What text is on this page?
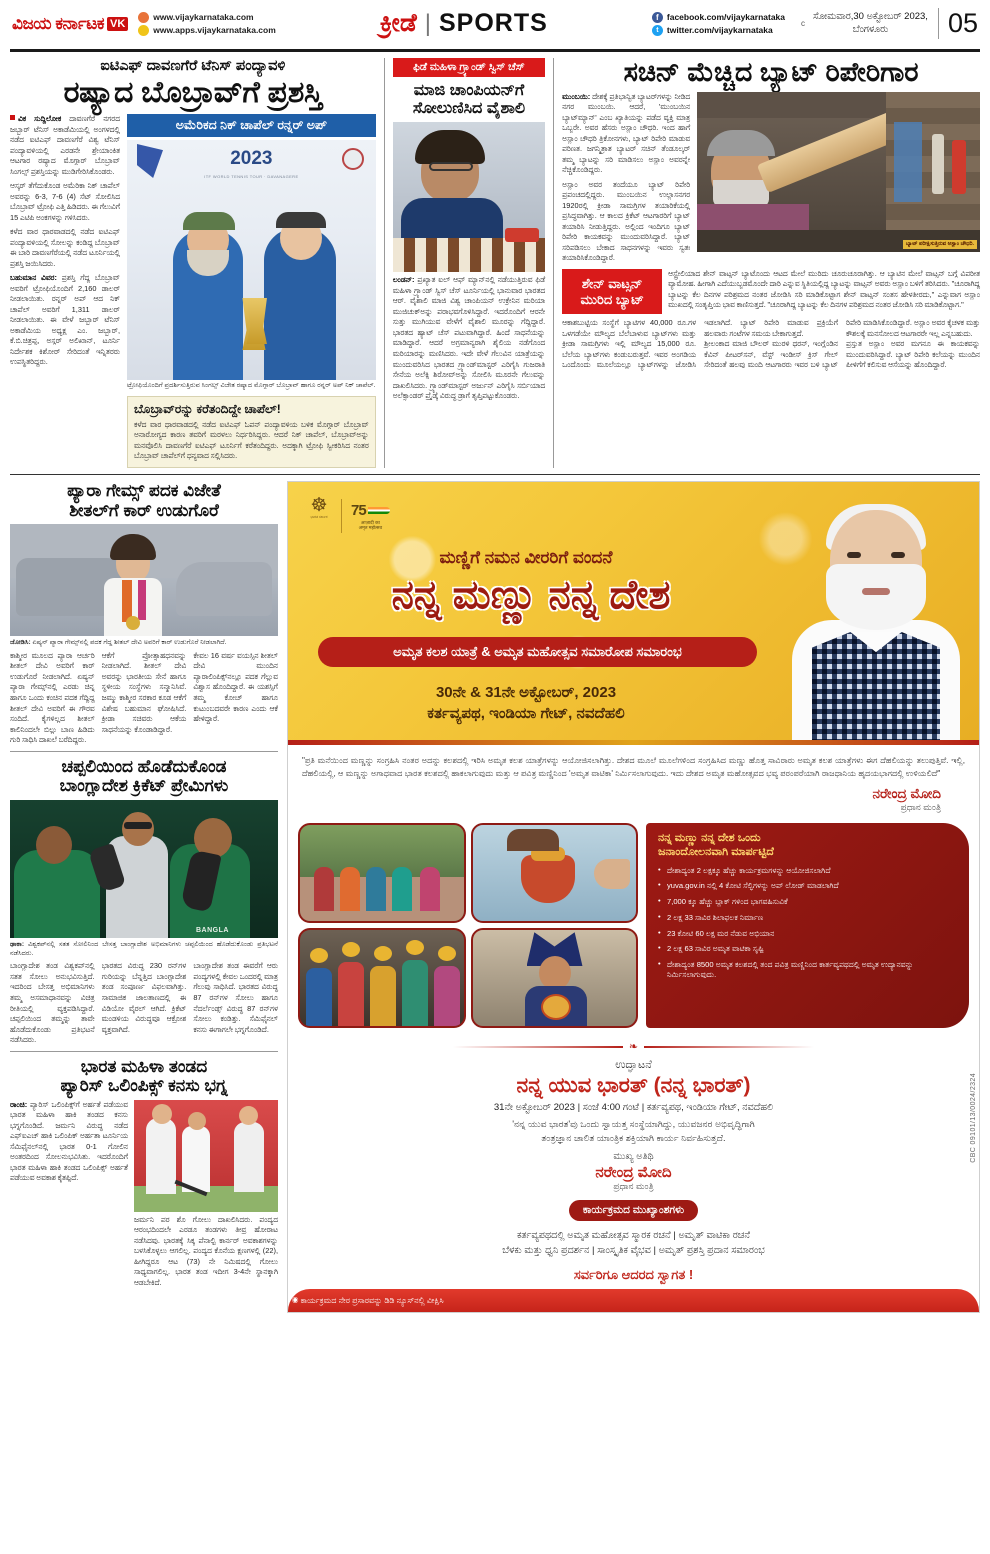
ವಿಜಯ ಕರ್ನಾಟಕ VK
www.vijaykarnataka.com
www.apps.vijaykarnataka.com	ಕ್ರೀಡೆ | SPORTS	f facebook.com/vijaykarnataka
t twitter.com/vijaykarnataka
c
ಸೋಮವಾರ,30 ಅಕ್ಟೋಬರ್ 2023,
ಬೆಂಗಳೂರು	05
ಐಟಿಎಫ್ ದಾವಣಗೆರೆ ಟೆನಿಸ್ ಪಂದ್ಯಾವಳಿ
ರಷ್ಯಾದ ಬೊಬ್ರಾವ್‌ಗೆ ಪ್ರಶಸ್ತಿ
ವಿಕ ಸುದ್ದಿಲೋಕ ದಾವಣಗೆರೆ ನಗರದ ಜಬ್ಬಾರ್ ಟೆನಿಸ್ ಅಕಾಡೆಮಿಯಲ್ಲಿ ಅಂಗಳದಲ್ಲಿ ನಡೆದ ಐಟಿಎಫ್ ದಾವಣಗೆರೆ ವಿಶ್ವ ಟೆನಿಸ್ ಪಂದ್ಯಾವಳಿಯಲ್ಲಿ ಎರಡನೇ ಶ್ರೇಯಾಂಕಿತ ಆಟಗಾರ ರಷ್ಯಾದ ಮೊಗ್ಗಾರ್ ಬೊಬ್ರಾವ್ ಸಿಂಗಲ್ಸ್ ಪ್ರಶಸ್ತಿಯನ್ನು ಮುಡಿಗೇರಿಸಿಕೊಂಡರು.
ಆಸ್ಕರ್ ತೆಗೆದುಕೊಂಡ ಅಮೆರಿಕಾ ನಿಕ್ ಚಾಪೆಲ್ ಅವರನ್ನು 6-3, 7-6 (4) ಸೆಟ್ ಸೋಲಿಸಿದ ಬೊಬ್ರಾವ್ ಟ್ರೋಫಿ ಎತ್ತಿ ಹಿಡಿದರು. ಈ ಗೆಲುವಿಗೆ 15 ಎಟಿಪಿ ಅಂಕಗಳನ್ನು ಗಳಿಸಿದರು.
ಕಳೆದ ವಾರ ಧಾರವಾಡದಲ್ಲಿ ನಡೆದ ಐಟಿಎಫ್ ಪಂದ್ಯಾವಳಿಯಲ್ಲಿ ಸೋಲನ್ನು ಕಂಡಿದ್ದ ಬೊಬ್ರಾವ್ ಈ ಬಾರಿ ದಾವಣಗೆರೆಯಲ್ಲಿ ನಡೆದ ಟೂರ್ನಿಯಲ್ಲಿ ಪ್ರಶಸ್ತಿ ಜಯಿಸಿದರು.
ಬಹುಮಾನ ವಿವರ: ಪ್ರಶಸ್ತಿ ಗೆದ್ದ ಬೊಬ್ರಾವ್ ಅವರಿಗೆ ಟ್ರೋಫಿಯೊಂದಿಗೆ 2,160 ಡಾಲರ್ ನೀಡಲಾಯಿತು. ರನ್ನರ್ ಅಪ್ ಆದ ನಿಕ್ ಚಾಪೆಲ್ ಅವರಿಗೆ 1,311 ಡಾಲರ್ ನೀಡಲಾಯಿತು. ಈ ವೇಳೆ ಜಬ್ಬಾರ್ ಟೆನಿಸ್ ಅಕಾಡೆಮಿಯ ಅಧ್ಯಕ್ಷ ಎಂ. ಜಬ್ಬಾರ್, ಕೆ.ಬಿ.ಚಿತ್ರಪ್ಪ, ಅಸ್ಗರ್ ಅಲಿಖಾನ್, ಟೂರ್ನಿ ನಿರ್ದೇಶಕ ಕಿಶೋರ್ ಸೇರಿದಂತೆ ಇನ್ನಿತರರು ಉಪಸ್ಥಿತರಿದ್ದರು.
ಅಮೆರಿಕದ ನಿಕ್ ಚಾಪೆಲ್ ರನ್ನರ್ ಅಪ್
2023
ITF WORLD TENNIS TOUR · DAVANAGERE
ಟ್ರೋಫಿಯೊಂದಿಗೆ ಪ್ರದರ್ಶಿಸುತ್ತಿರುವ ಸಿಂಗಲ್ಸ್ ವಿಜೇತ ರಷ್ಯಾದ ಮೊಗ್ಗಾರ್ ಬೊಬ್ರಾವ್ ಹಾಗೂ ರನ್ನರ್ ಅಪ್ ನಿಕ್ ಚಾಪೆಲ್.
ಬೊಬ್ರಾವ್‌ರನ್ನು ಕರೆತಂದಿದ್ದೇ ಚಾಪೆಲ್!
ಕಳೆದ ವಾರ ಧಾರವಾಡದಲ್ಲಿ ನಡೆದ ಐಟಿಎಫ್ ಓಪನ್ ಪಂದ್ಯಾವಳಿಯ ಬಳಿಕ ಮೊಗ್ಗಾರ್ ಬೊಬ್ರಾವ್ ಅನಾರೋಗ್ಯದ ಕಾರಣ ತವರಿಗೆ ಮರಳಲು ನಿರ್ಧರಿಸಿದ್ದರು. ಆದರೆ ನಿಕ್ ಚಾಪೆಲ್, ಬೊಬ್ರಾವ್‌ಅನ್ನು ಮನವೊಲಿಸಿ ದಾವಣಗೆರೆ ಐಟಿಎಫ್ ಟೂರ್ನಿಗೆ ಕರೆತಂದಿದ್ದರು. ಅದಕ್ಕಾಗಿ ಟ್ರೋಫಿ ಸ್ವೀಕರಿಸಿದ ನಂತರ ಬೊಬ್ರಾವ್ ಚಾಪೆಲ್‌ಗೆ ಧನ್ಯವಾದ ಸಲ್ಲಿಸಿದರು.
ಫಿಡೆ ಮಹಿಳಾ ಗ್ರ್ಯಾಂಡ್ ಸ್ವಿಸ್ ಚೆಸ್
ಮಾಜಿ ಚಾಂಪಿಯನ್‌ಗೆ ಸೋಲುಣಿಸಿದ ವೈಶಾಲಿ
ಲಂಡನ್: ಪ್ರಖ್ಯಾತ ಐಲ್ ಆಫ್ ಮ್ಯಾನ್‌ನಲ್ಲಿ ನಡೆಯುತ್ತಿರುವ ಫಿಡೆ ಮಹಿಳಾ ಗ್ರ್ಯಾಂಡ್ ಸ್ವಿಸ್ ಚೆಸ್ ಟೂರ್ನಿಯಲ್ಲಿ ಭಾನುವಾರ ಭಾರತದ ಆರ್. ವೈಶಾಲಿ ಮಾಜಿ ವಿಶ್ವ ಚಾಂಪಿಯನ್ ಉಕ್ರೇನಿನ ಮರಿಯಾ ಮುಜಿಚುಕ್‌ಅನ್ನು ಪರಾಭವಗೊಳಿಸಿದ್ದಾರೆ. ಇದರೊಂದಿಗೆ ಆರನೇ ಸುತ್ತು ಮುಗಿಯುವ ವೇಳೆಗೆ ವೈಶಾಲಿ ಮೂರನ್ನು ಗೆದ್ದಿದ್ದಾರೆ. ಭಾರತದ ಹ್ಯಾಟ್ ಚೆಸ್ ಪಟುವಾಗಿದ್ದಾರೆ. ಹಿಂದೆ ಸಾಧನೆಯನ್ನು ಮಾಡಿದ್ದಾರೆ. ಆದರೆ ಅಗ್ರಮಾನ್ಯರಾಗಿ ಶೈಲಿಯ ನಡೆಗೊಂದ ಮರಿಯಾರನ್ನು ಮಣಿಸಿದರು. ಇದೇ ವೇಳೆ ಗೆಲುವಿನ ಯಾತ್ರೆಯನ್ನು ಮುಂದುವರಿಸಿದ ಭಾರತದ ಗ್ರ್ಯಾಂಡ್‌ಮಾಸ್ಟರ್ ಎರಿಗೈಸಿ ಗುಜರಾತಿ ಸೇನೆಯ ಅಲೆಕ್ಸಿ ಶಿರೋವ್‌ಅನ್ನು ಸೋಲಿಸಿ ಮೂರನೇ ಗೆಲುವನ್ನು ದಾಖಲಿಸಿದರು. ಗ್ರ್ಯಾಂಡ್‌ಮಾಸ್ಟರ್ ಅರ್ಜುನ್ ಎರಿಗೈಸಿ ಸರ್ಬಿಯಾದ ಅಲೆಕ್ಸಾಂಡರ್ ಪ್ರೈಡ್ಕೆ ವಿರುದ್ಧ ಡ್ರಾಗೆ ತೃಪ್ತಿಪಟ್ಟುಕೊಂಡರು.
ಸಚಿನ್ ಮೆಚ್ಚಿದ ಬ್ಯಾಟ್ ರಿಪೇರಿಗಾರ
ಮುಂಬಯಿ: ದೇಶಕ್ಕೆ ಪ್ರತಿಭಾನ್ವಿತ ಬ್ಯಾಟರ್‌ಗಳನ್ನು ನೀಡಿದ ನಗರ ಮುಂಬಯಿ. ಆದರೆ, 'ಮುಂಬಯಿನ ಬ್ಯಾಟ್‌ಮ್ಯಾನ್' ಎಂಬ ಖ್ಯಾತಿಯನ್ನು ಪಡೆದ ವ್ಯಕ್ತಿ ಮಾತ್ರ ಒಬ್ಬರೇ. ಅವರ ಹೆಸರು ಅಸ್ಲಾಂ ಚೌಧರಿ. ಇಂದ ಹಾಗೆ ಅಸ್ಲಾಂ ಚೌಧರಿ ತ್ರಿಕೋನಗಳು, ಬ್ಯಾಟ್ ರಿಪೇರಿ ಮಾಡುವ ಪರಿಣತ. ಜಗನ್ಮಿತ್ರಾತ ಬ್ಯಾಟರ್ ಸಚಿನ್ ತೆಂಡೂಲ್ಕರ್ ತಮ್ಮ ಬ್ಯಾಟನ್ನು ಸರಿ ಮಾಡಿಸಲು ಅಸ್ಲಾಂ ಅವರನ್ನೇ ನೆಚ್ಚಿಕೊಂಡಿದ್ದರು.
ಅಸ್ಲಾಂ ಅವರ ತಂದೆಯೂ ಬ್ಯಾಟ್ ರಿಪೇರಿ ಪ್ರಪಂಚದಲ್ಲಿದ್ದರು. ಮುಂಬಯಿನ ಉಲ್ಲಾಸನಗರ 1920ರಲ್ಲಿ ಕ್ರೀಡಾ ಸಾಮಗ್ರಿಗಳ ತಯಾರಿಕೆಯಲ್ಲಿ ಪ್ರಸಿದ್ಧವಾಗಿತ್ತು. ಆ ಕಾಲದ ಕ್ರಿಕೆಟ್ ಆಟಗಾರರಿಗೆ ಬ್ಯಾಟ್ ತಯಾರಿಸಿ ನೀಡುತ್ತಿದ್ದರು. ಅಲ್ಲಿಂದ ಇಂದಿಗೂ ಬ್ಯಾಟ್ ರಿಪೇರಿ ಕಾಯಕವನ್ನು ಮುಂದುವರಿಸಿದ್ದಾರೆ. ಬ್ಯಾಟ್ ಸರಿಪಡಿಸಲು ಬೇಕಾದ ಸಾಧನಗಳನ್ನು ಇವರು ಸ್ವತಃ ತಯಾರಿಸಿಕೊಂಡಿದ್ದಾರೆ.
ಬ್ಯಾಟ್ ಪರೀಕ್ಷಿಸುತ್ತಿರುವ ಅಸ್ಲಾಂ ಚೌಧರಿ.
ಶೇನ್ ವಾಟ್ಸನ್ ಮುರಿದ ಬ್ಯಾಟ್
ಆಸ್ಟ್ರೇಲಿಯಾದ ಶೇನ್ ವಾಟ್ಸನ್ ಬ್ಯಾಟೊಂದು ಆಟದ ಮೇಲೆ ಮುರಿದು ಚೂರುಚೂರಾಗಿತ್ತು. ಆ ಬ್ಯಾಟಿನ ಮೇಲೆ ವಾಟ್ಸನ್ ಬಗ್ಗೆ ವಿಪರೀತ ವ್ಯಾಮೋಹ. ಹೀಗಾಗಿ ಎದೆಯುಬ್ಬಡಮೊಂದೇ ದಾರಿ ಎನ್ನುವ ಸ್ಥಿತಿಯಲ್ಲಿದ್ದ ಬ್ಯಾಟನ್ನು ವಾಟ್ಸನ್ ಅವರು ಅಸ್ಲಾಂ ಬಳಿಗೆ ತರಿಸಿದರು. "ಚೂರಾಗಿದ್ದ ಬ್ಯಾಟನ್ನು ಕೆಲ ದಿನಗಳ ಪರಿಶ್ರಮದ ನಂತರ ಜೋಡಿಸಿ ಸರಿ ಮಾಡಿಕೊಟ್ಟಾಗ ಶೇನ್ ವಾಟ್ಸನ್ ಸಂತಸ ಹೇಳತೀರದು," ಎನ್ನುವಾಗ ಅಸ್ಲಾಂ ಮುಖದಲ್ಲಿ ಸಂತೃಪ್ತಿಯ ಭಾವ ಕಾಣಿಸುತ್ತದೆ. "ಚೂರಾಗಿದ್ದ ಬ್ಯಾಟನ್ನು ಕೆಲ ದಿನಗಳ ಪರಿಶ್ರಮದ ನಂತರ ಜೋಡಿಸಿ ಸರಿ ಮಾಡಿಕೊಟ್ಟಾಗ."
ಆಕಾಶಬುಟ್ಟಿಯ ಸಂಸ್ಥೆಗೆ ಬ್ಯಾಟಿಗಳ 40,000 ರೂ.ಗಳ ಒಳಗಡೆಯೇ ಮೌಲ್ಯದ ಬೆಲೆಬಾಳುವ ಬ್ಯಾಟ್‌ಗಳು ಮತ್ತು ಕ್ರೀಡಾ ಸಾಮಗ್ರಿಗಳು ಇಲ್ಲಿ ಮೌಲ್ಯದ 15,000 ರೂ. ಬೆಲೆಯ ಬ್ಯಾಟ್‌ಗಳು ಕಂಡುಬರುತ್ತವೆ. ಇವರ ಅಂಗಡಿಯ ಒಂದೊಂದು ಮೂಲೆಯಲ್ಲೂ ಬ್ಯಾಟ್‌ಗಳನ್ನು ಜೋಡಿಸಿ ಇಡಲಾಗಿದೆ. ಬ್ಯಾಟ್ ರಿಪೇರಿ ಮಾಡುವ ಪ್ರಕ್ರಿಯೆಗೆ ಹಲವಾರು ಗಂಟೆಗಳ ಸಮಯ ಬೇಕಾಗುತ್ತದೆ.
ಶ್ರೀಲಂಕಾದ ಮಾಜಿ ಬೌಲರ್ ಮುರಳಿ ಧರನ್, ಇಂಗ್ಲೆಂಡಿನ ಕೆವಿನ್ ಪೀಟರ್‌ಸನ್, ವೆಸ್ಟ್ ಇಂಡೀಸ್ ಕ್ರಿಸ್ ಗೇಲ್ ಸೇರಿದಂತೆ ಹಲವು ಮಂದಿ ಆಟಗಾರರು ಇವರ ಬಳಿ ಬ್ಯಾಟ್ ರಿಪೇರಿ ಮಾಡಿಸಿಕೊಂಡಿದ್ದಾರೆ. ಅಸ್ಲಾಂ ಅವರ ಕೈಚಳಕ ಮತ್ತು ಕೌಶಲಕ್ಕೆ ಮನಸೋಲದ ಆಟಗಾರರೇ ಇಲ್ಲ ಎನ್ನಬಹುದು.
ಪ್ರಸ್ತುತ ಅಸ್ಲಾಂ ಅವರ ಮಗನೂ ಈ ಕಾಯಕವನ್ನು ಮುಂದುವರಿಸಿದ್ದಾರೆ. ಬ್ಯಾಟ್ ರಿಪೇರಿ ಕಲೆಯನ್ನು ಮುಂದಿನ ಪೀಳಿಗೆಗೆ ಕಲಿಸುವ ಆಸೆಯನ್ನು ಹೊಂದಿದ್ದಾರೆ.
ಪ್ಯಾರಾ ಗೇಮ್ಸ್ ಪದಕ ವಿಜೇತೆ
ಶೀತಲ್‌ಗೆ ಕಾರ್ ಉಡುಗೊರೆ
ಜೋಡಿಸಿ: ಏಷ್ಯನ್ ಪ್ಯಾರಾ ಗೇಮ್ಸ್‌ನಲ್ಲಿ ಪದಕ ಗೆದ್ದ ಶೀತಲ್ ದೇವಿ ಅವರಿಗೆ ಕಾರ್ ಉಡುಗೊರೆ ನೀಡಲಾಗಿದೆ.
ಕಾಶ್ಮೀರ ಮೂಲದ ಪ್ಯಾರಾ ಆರ್ಚರಿ ಶೀತಲ್ ದೇವಿ ಅವರಿಗೆ ಕಾರ್ ಉಡುಗೊರೆ ನೀಡಲಾಗಿದೆ. ಏಷ್ಯನ್ ಪ್ಯಾರಾ ಗೇಮ್ಸ್‌ನಲ್ಲಿ ಎರಡು ಚಿನ್ನ ಹಾಗೂ ಒಂದು ಕಂಚಿನ ಪದಕ ಗೆದ್ದಿದ್ದ ಶೀತಲ್ ದೇವಿ ಅವರಿಗೆ ಈ ಗೌರವ ಸಂದಿದೆ. ಕೈಗಳಿಲ್ಲದ ಶೀತಲ್ ಕಾಲಿನಿಂದಲೇ ಬಿಲ್ಲು ಬಾಣ ಹಿಡಿದು ಗುರಿ ಸಾಧಿಸಿ ದಾಖಲೆ ಬರೆದಿದ್ದರು.
ಆಕೆಗೆ ಪ್ರೋತ್ಸಾಹಧನವನ್ನು ನೀಡಲಾಗಿದೆ. ಶೀತಲ್ ದೇವಿ ಅವರನ್ನು ಭಾರತೀಯ ಸೇನೆ ಹಾಗೂ ಸ್ಥಳೀಯ ಸಂಸ್ಥೆಗಳು ಸನ್ಮಾನಿಸಿವೆ. ಜಮ್ಮು ಕಾಶ್ಮೀರ ಸರಕಾರ ಕೂಡ ಆಕೆಗೆ ವಿಶೇಷ ಬಹುಮಾನ ಘೋಷಿಸಿದೆ. ಕ್ರೀಡಾ ಸಚಿವರು ಆಕೆಯ ಸಾಧನೆಯನ್ನು ಕೊಂಡಾಡಿದ್ದಾರೆ.
ಕೇವಲ 16 ವರ್ಷ ವಯಸ್ಸಿನ ಶೀತಲ್ ದೇವಿ ಮುಂದಿನ ಪ್ಯಾರಾಲಿಂಪಿಕ್ಸ್‌ನಲ್ಲೂ ಪದಕ ಗೆಲ್ಲುವ ವಿಶ್ವಾಸ ಹೊಂದಿದ್ದಾರೆ. ಈ ಯಶಸ್ಸಿಗೆ ತಮ್ಮ ಕೋಚ್ ಹಾಗೂ ಕುಟುಂಬದವರೇ ಕಾರಣ ಎಂದು ಆಕೆ ಹೇಳಿದ್ದಾರೆ.
ಚಪ್ಪಲಿಯಿಂದ ಹೊಡೆದುಕೊಂಡ
ಬಾಂಗ್ಲಾದೇಶ ಕ್ರಿಕೆಟ್ ಪ್ರೇಮಿಗಳು
BANGLA
ಢಾಕಾ: ವಿಶ್ವಕಪ್‌ನಲ್ಲಿ ಸತತ ಸೋಲಿನಿಂದ ಬೇಸತ್ತ ಬಾಂಗ್ಲಾದೇಶ ಅಭಿಮಾನಿಗಳು ಚಪ್ಪಲಿಯಿಂದ ಹೊಡೆದುಕೊಂಡು ಪ್ರತಿಭಟನೆ ನಡೆಸಿದರು.
ಬಾಂಗ್ಲಾದೇಶ ತಂಡ ವಿಶ್ವಕಪ್‌ನಲ್ಲಿ ಸತತ ಸೋಲು ಅನುಭವಿಸುತ್ತಿದೆ. ಇದರಿಂದ ಬೇಸತ್ತ ಅಭಿಮಾನಿಗಳು ತಮ್ಮ ಅಸಮಾಧಾನವನ್ನು ವಿಚಿತ್ರ ರೀತಿಯಲ್ಲಿ ವ್ಯಕ್ತಪಡಿಸಿದ್ದಾರೆ. ಚಪ್ಪಲಿಯಿಂದ ತಮ್ಮನ್ನು ತಾವೇ ಹೊಡೆದುಕೊಂಡು ಪ್ರತಿಭಟನೆ ನಡೆಸಿದರು.
ಭಾರತದ ವಿರುದ್ಧ 230 ರನ್‌ಗಳ ಗುರಿಯನ್ನು ಬೆನ್ನತ್ತಿದ ಬಾಂಗ್ಲಾದೇಶ ತಂಡ ಸಂಪೂರ್ಣ ವಿಫಲವಾಗಿತ್ತು. ಸಾಮಾಜಿಕ ಜಾಲತಾಣದಲ್ಲಿ ಈ ವಿಡಿಯೋ ವೈರಲ್ ಆಗಿದೆ. ಕ್ರಿಕೆಟ್ ಮಂಡಳಿಯ ವಿರುದ್ಧವೂ ಆಕ್ರೋಶ ವ್ಯಕ್ತವಾಗಿದೆ.
ಬಾಂಗ್ಲಾದೇಶ ತಂಡ ಈವರೆಗೆ ಆರು ಪಂದ್ಯಗಳಲ್ಲಿ ಕೇವಲ ಒಂದರಲ್ಲಿ ಮಾತ್ರ ಗೆಲುವು ಸಾಧಿಸಿದೆ. ಭಾರತದ ವಿರುದ್ಧ 87 ರನ್‌ಗಳ ಸೋಲು ಹಾಗೂ ನೆದರ್ಲೆಂಡ್ಸ್ ವಿರುದ್ಧ 87 ರನ್‌ಗಳ ಸೋಲು ಕಂಡಿತ್ತು. ಸೆಮಿಫೈನಲ್ ಕನಸು ಈಗಾಗಲೇ ಭಗ್ನಗೊಂಡಿದೆ.
ಭಾರತ ಮಹಿಳಾ ತಂಡದ
ಪ್ಯಾರಿಸ್ ಒಲಿಂಪಿಕ್ಸ್ ಕನಸು ಭಗ್ನ
ರಾಂಚಿ: ಪ್ಯಾರಿಸ್ ಒಲಿಂಪಿಕ್ಸ್‌ಗೆ ಅರ್ಹತೆ ಪಡೆಯುವ ಭಾರತ ಮಹಿಳಾ ಹಾಕಿ ತಂಡದ ಕನಸು ಭಗ್ನಗೊಂಡಿದೆ. ಜರ್ಮನಿ ವಿರುದ್ಧ ನಡೆದ ಎಫ್‌ಐಎಚ್ ಹಾಕಿ ಒಲಿಂಪಿಕ್ ಅರ್ಹತಾ ಟೂರ್ನಿಯ ಸೆಮಿಫೈನಲ್‌ನಲ್ಲಿ ಭಾರತ 0-1 ಗೋಲಿನ ಅಂತರದಿಂದ ಸೋಲನುಭವಿಸಿತು. ಇದರೊಂದಿಗೆ ಭಾರತ ಮಹಿಳಾ ಹಾಕಿ ತಂಡದ ಒಲಿಂಪಿಕ್ಸ್ ಅರ್ಹತೆ ಪಡೆಯುವ ಅವಕಾಶ ಕೈತಪ್ಪಿದೆ.
ಜರ್ಮನಿ ಪರ ಶೊ ಗೋಲು ದಾಖಲಿಸಿದರು. ಪಂದ್ಯದ ಆರಂಭದಿಂದಲೇ ಎರಡೂ ತಂಡಗಳು ತೀವ್ರ ಹೋರಾಟ ನಡೆಸಿದವು. ಭಾರತಕ್ಕೆ ಸಿಕ್ಕ ಪೆನಾಲ್ಟಿ ಕಾರ್ನರ್ ಅವಕಾಶಗಳನ್ನು ಬಳಸಿಕೊಳ್ಳಲು ಆಗಲಿಲ್ಲ. ಪಂದ್ಯದ ಕೊನೆಯ ಕ್ಷಣಗಳಲ್ಲಿ (22), ಹೀಗಿದ್ದರೂ ಆಟ (73) ನೇ ನಿಮಿಷದಲ್ಲಿ ಗೋಲು ಸಾಧ್ಯವಾಗಲಿಲ್ಲ. ಭಾರತ ತಂಡ ಇದೀಗ 3-4ನೇ ಸ್ಥಾನಕ್ಕಾಗಿ ಆಡಬೇಕಿದೆ.
☸
ಭಾರತ ಸರ್ಕಾರ 75
आज़ादी का
अमृत महोत्सव
ಮಣ್ಣಿಗೆ ನಮನ ವೀರರಿಗೆ ವಂದನೆ
ನನ್ನ ಮಣ್ಣು ನನ್ನ ದೇಶ
ಅಮೃತ ಕಲಶ ಯಾತ್ರೆ & ಅಮೃತ ಮಹೋತ್ಸವ ಸಮಾರೋಪ ಸಮಾರಂಭ
30ನೇ & 31ನೇ ಅಕ್ಟೋಬರ್, 2023
ಕರ್ತವ್ಯಪಥ, ಇಂಡಿಯಾ ಗೇಟ್, ನವದೆಹಲಿ

"ಪ್ರತಿ ಮನೆಯಿಂದ ಮಣ್ಣನ್ನು ಸಂಗ್ರಹಿಸಿ ನಂತರ ಅದನ್ನು ಕಲಶದಲ್ಲಿ ಇರಿಸಿ ಅಮೃತ ಕಲಶ ಯಾತ್ರೆಗಳನ್ನು ಆಯೋಜಿಸಲಾಗಿತ್ತು. ದೇಶದ ಮೂಲೆ ಮೂಲೆಗಳಿಂದ ಸಂಗ್ರಹಿಸಿದ ಮಣ್ಣು ಹೊತ್ತ ಸಾವಿರಾರು ಅಮೃತ ಕಲಶ ಯಾತ್ರೆಗಳು ಈಗ ದೆಹಲಿಯನ್ನು ತಲುಪುತ್ತಿವೆ. ಇಲ್ಲಿ, ದೆಹಲಿಯಲ್ಲಿ, ಆ ಮಣ್ಣನ್ನು ಅಗಾಧವಾದ ಭಾರತ ಕಲಶದಲ್ಲಿ ಹಾಕಲಾಗುವುದು ಮತ್ತು ಆ ಪವಿತ್ರ ಮಣ್ಣಿನಿಂದ 'ಅಮೃತ ವಾಟಿಕಾ' ನಿರ್ಮಿಸಲಾಗುವುದು. ಇದು ದೇಶದ ಅಮೃತ ಮಹೋತ್ಸವದ ಭವ್ಯ ಪರಂಪರೆಯಾಗಿ ರಾಜಧಾನಿಯ ಹೃದಯಭಾಗದಲ್ಲಿ ಉಳಿಯಲಿದೆ"

ನರೇಂದ್ರ ಮೋದಿ
ಪ್ರಧಾನ ಮಂತ್ರಿ
ನನ್ನ ಮಣ್ಣು ನನ್ನ ದೇಶ ಒಂದು
ಜನಾಂದೋಲನವಾಗಿ ಮಾರ್ಪಟ್ಟಿದೆ
• ದೇಶಾದ್ಯಂತ 2 ಲಕ್ಷಕ್ಕೂ ಹೆಚ್ಚು ಕಾರ್ಯಕ್ರಮಗಳನ್ನು ಆಯೋಜಿಸಲಾಗಿದೆ
• yuva.gov.in ನಲ್ಲಿ 4 ಕೋಟಿ ಸೆಲ್ಫಿಗಳನ್ನು ಅಪ್ ಲೋಡ್ ಮಾಡಲಾಗಿದೆ
• 7,000 ಕ್ಕೂ ಹೆಚ್ಚು ಬ್ಲಾಕ್ ಗಳಿಂದ ಭಾಗವಹಿಸುವಿಕೆ
• 2 ಲಕ್ಷ 33 ಸಾವಿರ ಶಿಲಾಫಲಕ ನಿರ್ಮಾಣ
• 23 ಕೋಟಿ 60 ಲಕ್ಷ ಮರ ನೆಡುವ ಅಭಿಯಾನ
• 2 ಲಕ್ಷ 63 ಸಾವಿರ ಅಮೃತ ವಾಟಿಕಾ ಸೃಷ್ಟಿ
• ದೇಶಾದ್ಯಂತ 8500 ಅಮೃತ ಕಲಶದಲ್ಲಿ ತಂದ ಪವಿತ್ರ ಮಣ್ಣಿನಿಂದ ಕಾರ್ತವ್ಯಪಥದಲ್ಲಿ ಅಮೃತ ಉದ್ಯಾನವನ್ನು ನಿರ್ಮಿಸಲಾಗುವುದು.
❧
ಉದ್ಘಾಟನೆ
ನನ್ನ ಯುವ ಭಾರತ್ (ನನ್ನ ಭಾರತ್)
31ನೇ ಅಕ್ಟೋಬರ್ 2023 | ಸಂಜೆ 4:00 ಗಂಟೆ | ಕರ್ತವ್ಯಪಥ, ಇಂಡಿಯಾ ಗೇಟ್, ನವದೆಹಲಿ
'ನನ್ನ ಯುವ ಭಾರತ'ವು ಒಂದು ಸ್ವಾಯತ್ತ ಸಂಸ್ಥೆಯಾಗಿದ್ದು, ಯುವಜನರ ಅಭಿವೃದ್ಧಿಗಾಗಿ
ತಂತ್ರಜ್ಞಾನ ಚಾಲಿತ ಯಾಂತ್ರಿಕ ಶಕ್ತಿಯಾಗಿ ಕಾರ್ಯ ನಿರ್ವಹಿಸುತ್ತದೆ.
ಮುಖ್ಯ ಅತಿಥಿ
ನರೇಂದ್ರ ಮೋದಿ
ಪ್ರಧಾನ ಮಂತ್ರಿ
ಕಾರ್ಯಕ್ರಮದ ಮುಖ್ಯಾಂಶಗಳು
ಕರ್ತವ್ಯಪಥದಲ್ಲಿ ಅಮೃತ ಮಹೋತ್ಸವ ಸ್ಮಾರಕ ರಚನೆ | ಅಮೃತ್ ವಾಟಿಕಾ ರಚನೆ
ಬೆಳಕು ಮತ್ತು ಧ್ವನಿ ಪ್ರದರ್ಶನ | ಸಾಂಸ್ಕೃತಿಕ ವೈಭವ | ಅಮೃತ್ ಪ್ರಶಸ್ತಿ ಪ್ರದಾನ ಸಮಾರಂಭ
ಸರ್ವರಿಗೂ ಆದರದ ಸ್ವಾಗತ !
◉ ಕಾರ್ಯಕ್ರಮದ ನೇರ ಪ್ರಸಾರವನ್ನು ಡಿಡಿ ನ್ಯೂಸ್‌ನಲ್ಲಿ ವೀಕ್ಷಿಸಿ
CBC 09101/13/0024/2324
